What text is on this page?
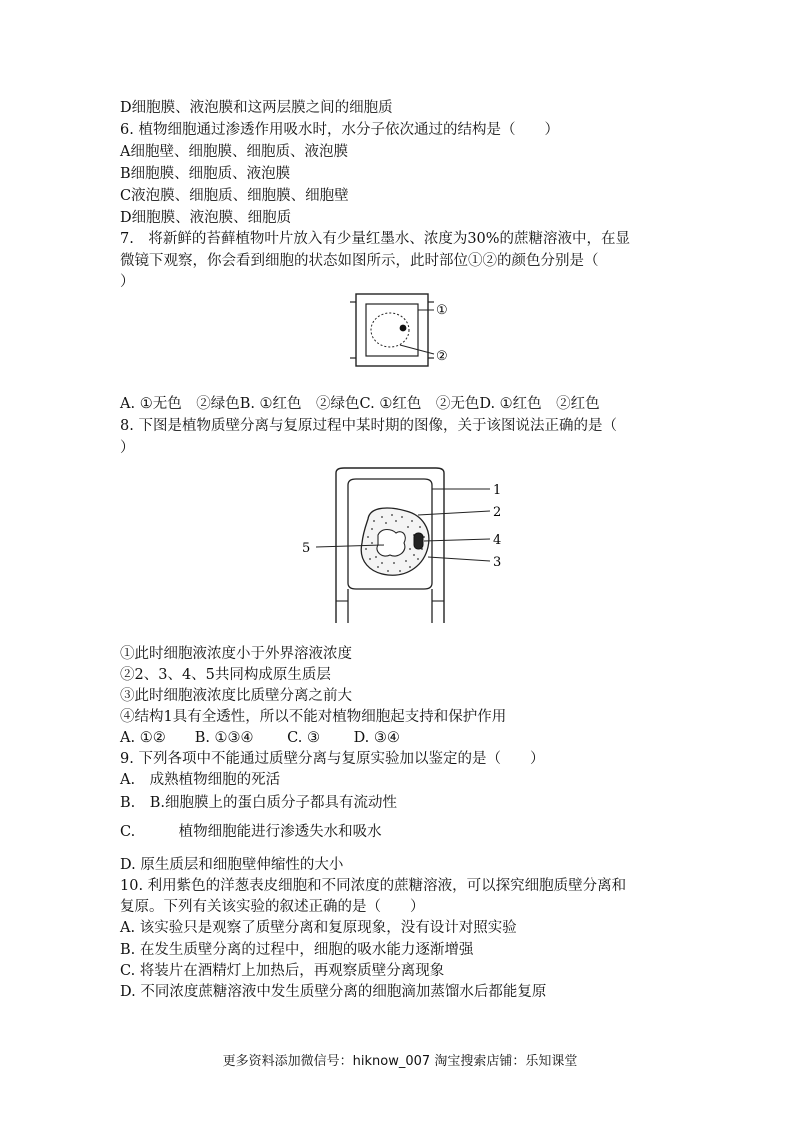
D细胞膜、液泡膜和这两层膜之间的细胞质
6. 植物细胞通过渗透作用吸水时，水分子依次通过的结构是（　　）
A细胞壁、细胞膜、细胞质、液泡膜
B细胞膜、细胞质、液泡膜
C液泡膜、细胞质、细胞膜、细胞壁
D细胞膜、液泡膜、细胞质
7.　将新鲜的苔藓植物叶片放入有少量红墨水、浓度为30%的蔗糖溶液中，在显
微镜下观察，你会看到细胞的状态如图所示，此时部位①②的颜色分别是（
）
①
②
A. ①无色　②绿色B. ①红色　②绿色C. ①红色　②无色D. ①红色　②红色
8. 下图是植物质壁分离与复原过程中某时期的图像，关于该图说法正确的是（
）
1
2
4
3
5
①此时细胞液浓度小于外界溶液浓度
②2、3、4、5共同构成原生质层
③此时细胞液浓度比质壁分离之前大
④结构1具有全透性，所以不能对植物细胞起支持和保护作用
A. ①②　　B. ①③④　　 C. ③　　 D. ③④
9. 下列各项中不能通过质壁分离与复原实验加以鉴定的是（　　）
A.　成熟植物细胞的死活
B.　B.细胞膜上的蛋白质分子都具有流动性
C.　　　植物细胞能进行渗透失水和吸水
D. 原生质层和细胞壁伸缩性的大小
10. 利用紫色的洋葱表皮细胞和不同浓度的蔗糖溶液，可以探究细胞质壁分离和
复原。下列有关该实验的叙述正确的是（　　）
A. 该实验只是观察了质壁分离和复原现象，没有设计对照实验
B. 在发生质壁分离的过程中，细胞的吸水能力逐渐增强
C. 将装片在酒精灯上加热后，再观察质壁分离现象
D. 不同浓度蔗糖溶液中发生质壁分离的细胞滴加蒸馏水后都能复原
更多资料添加微信号：hiknow_007 淘宝搜索店铺：乐知课堂
